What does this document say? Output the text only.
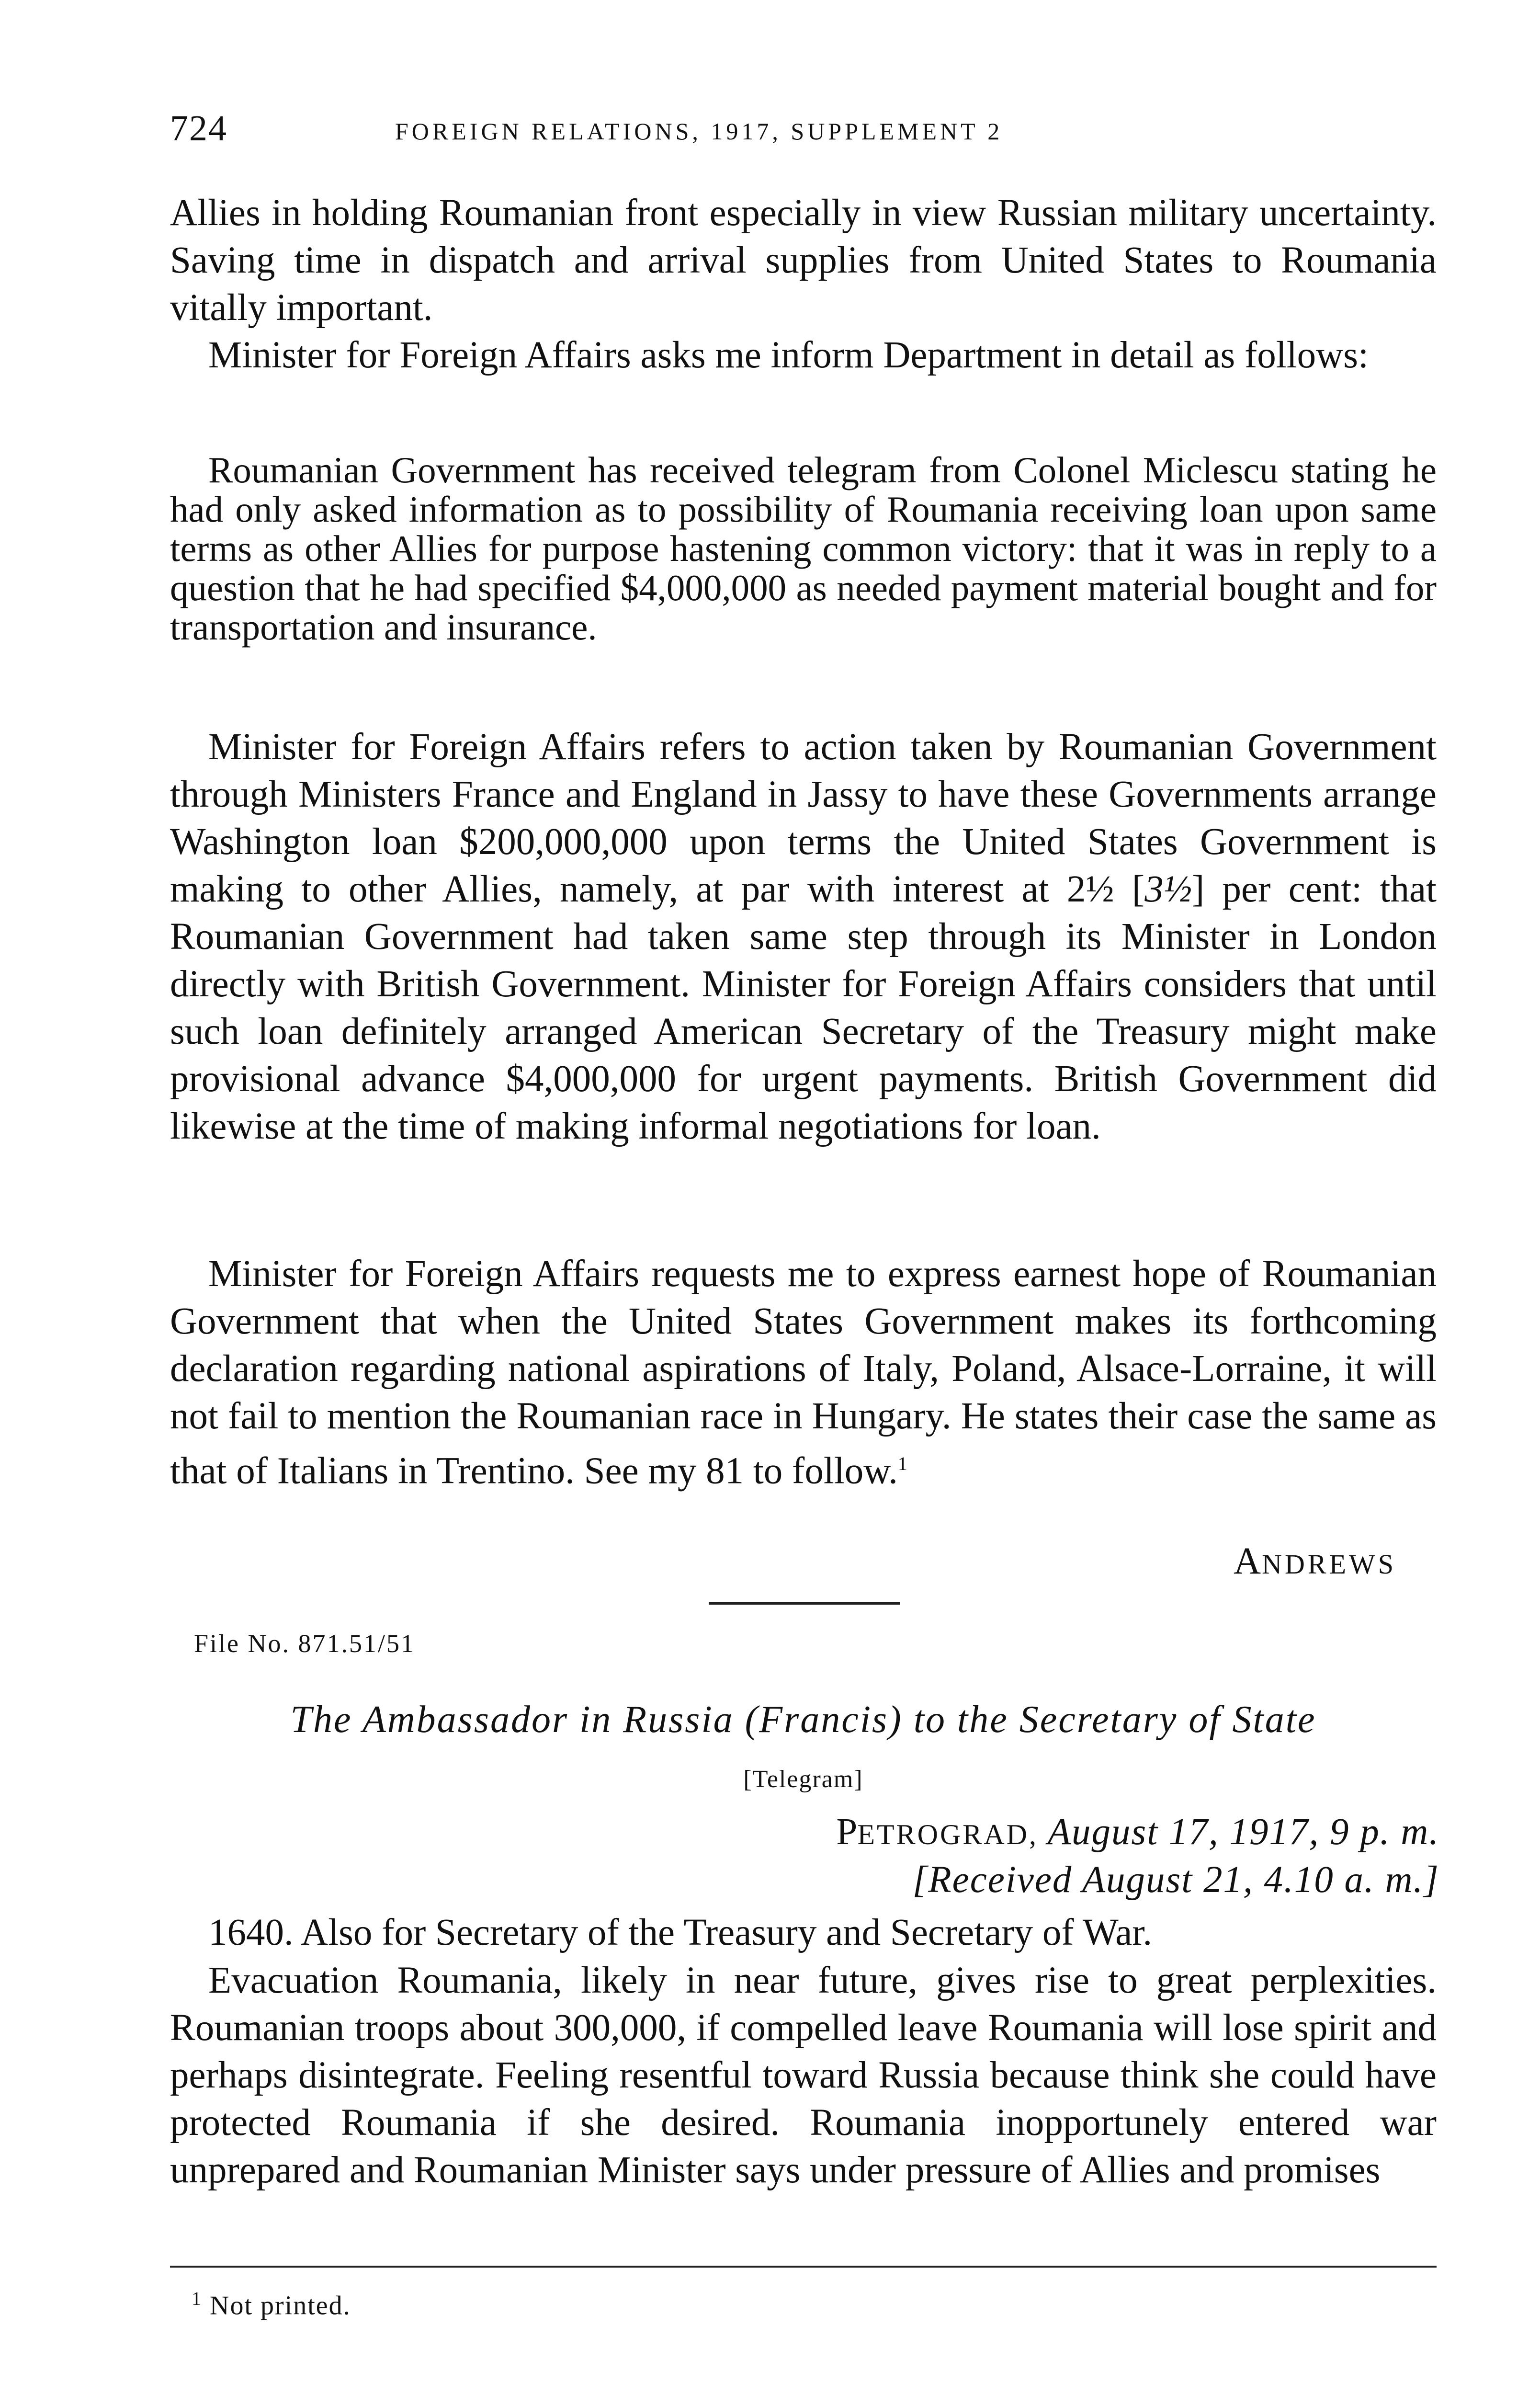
724	FOREIGN RELATIONS, 1917, SUPPLEMENT 2

Allies in holding Roumanian front especially in view Russian military uncertainty. Saving time in dispatch and arrival supplies from United States to Roumania vitally important.

Minister for Foreign Affairs asks me inform Department in detail as follows:

Roumanian Government has received telegram from Colonel Miclescu stating he had only asked information as to possibility of Roumania receiving loan upon same terms as other Allies for purpose hastening common victory: that it was in reply to a question that he had specified $4,000,000 as needed payment material bought and for transportation and insurance.

Minister for Foreign Affairs refers to action taken by Roumanian Government through Ministers France and England in Jassy to have these Governments arrange Washington loan $200,000,000 upon terms the United States Government is making to other Allies, namely, at par with interest at 2½ [3½] per cent: that Roumanian Government had taken same step through its Minister in London directly with British Government. Minister for Foreign Affairs considers that until such loan definitely arranged American Secretary of the Treasury might make provisional advance $4,000,000 for urgent payments. British Government did likewise at the time of making informal negotiations for loan.

Minister for Foreign Affairs requests me to express earnest hope of Roumanian Government that when the United States Government makes its forthcoming declaration regarding national aspirations of Italy, Poland, Alsace-Lorraine, it will not fail to mention the Roumanian race in Hungary. He states their case the same as that of Italians in Trentino. See my 81 to follow.$^1$

ANDREWS
File No. 871.51/51
The Ambassador in Russia (Francis) to the Secretary of State
[Telegram]
PETROGRAD, August 17, 1917, 9 p. m.
[Received August 21, 4.10 a. m.]

1640. Also for Secretary of the Treasury and Secretary of War.

Evacuation Roumania, likely in near future, gives rise to great perplexities. Roumanian troops about 300,000, if compelled leave Roumania will lose spirit and perhaps disintegrate. Feeling resentful toward Russia because think she could have protected Roumania if she desired. Roumania inopportunely entered war unprepared and Roumanian Minister says under pressure of Allies and promises

$^1$ Not printed.
